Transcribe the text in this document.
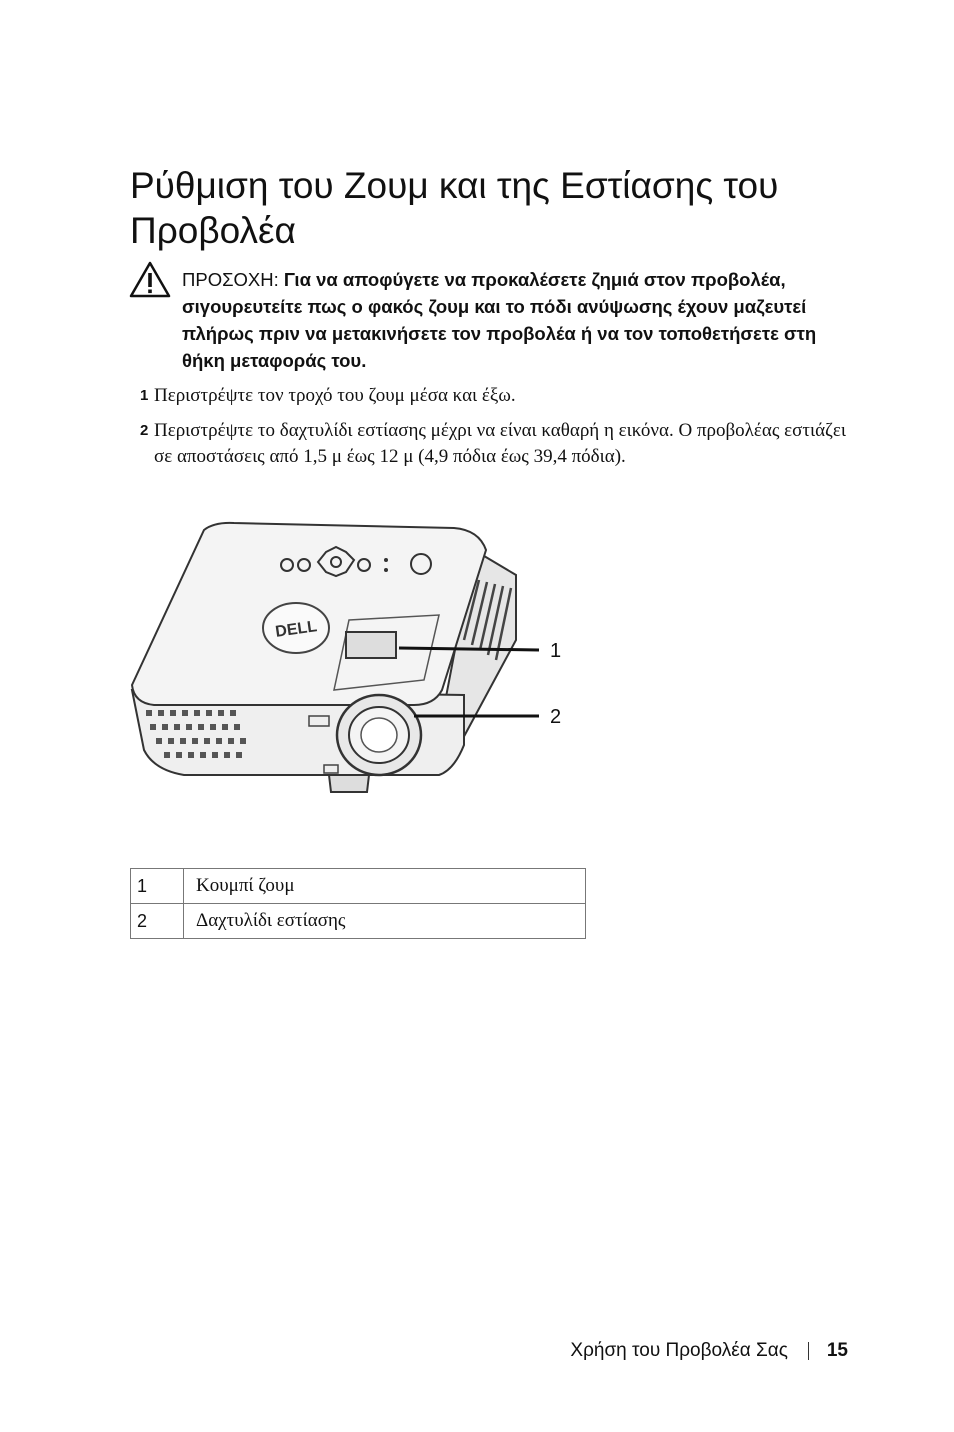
Ρύθμιση του Ζουμ και της Εστίασης του Προβολέα
ΠΡΟΣΟΧΗ: Για να αποφύγετε να προκαλέσετε ζημιά στον προβολέα, σιγουρευτείτε πως ο φακός ζουμ και το πόδι ανύψωσης έχουν μαζευτεί πλήρως πριν να μετακινήσετε τον προβολέα ή να τον τοποθετήσετε στη θήκη μεταφοράς του.
1 Περιστρέψτε τον τροχό του ζουμ μέσα και έξω.
2 Περιστρέψτε το δαχτυλίδι εστίασης μέχρι να είναι καθαρή η εικόνα. Ο προβολέας εστιάζει σε αποστάσεις από 1,5 μ έως 12 μ (4,9 πόδια έως 39,4 πόδια).
DELL
1
2
1	Κουμπί ζουμ
2	Δαχτυλίδι εστίασης
Χρήση του Προβολέα Σας 15
